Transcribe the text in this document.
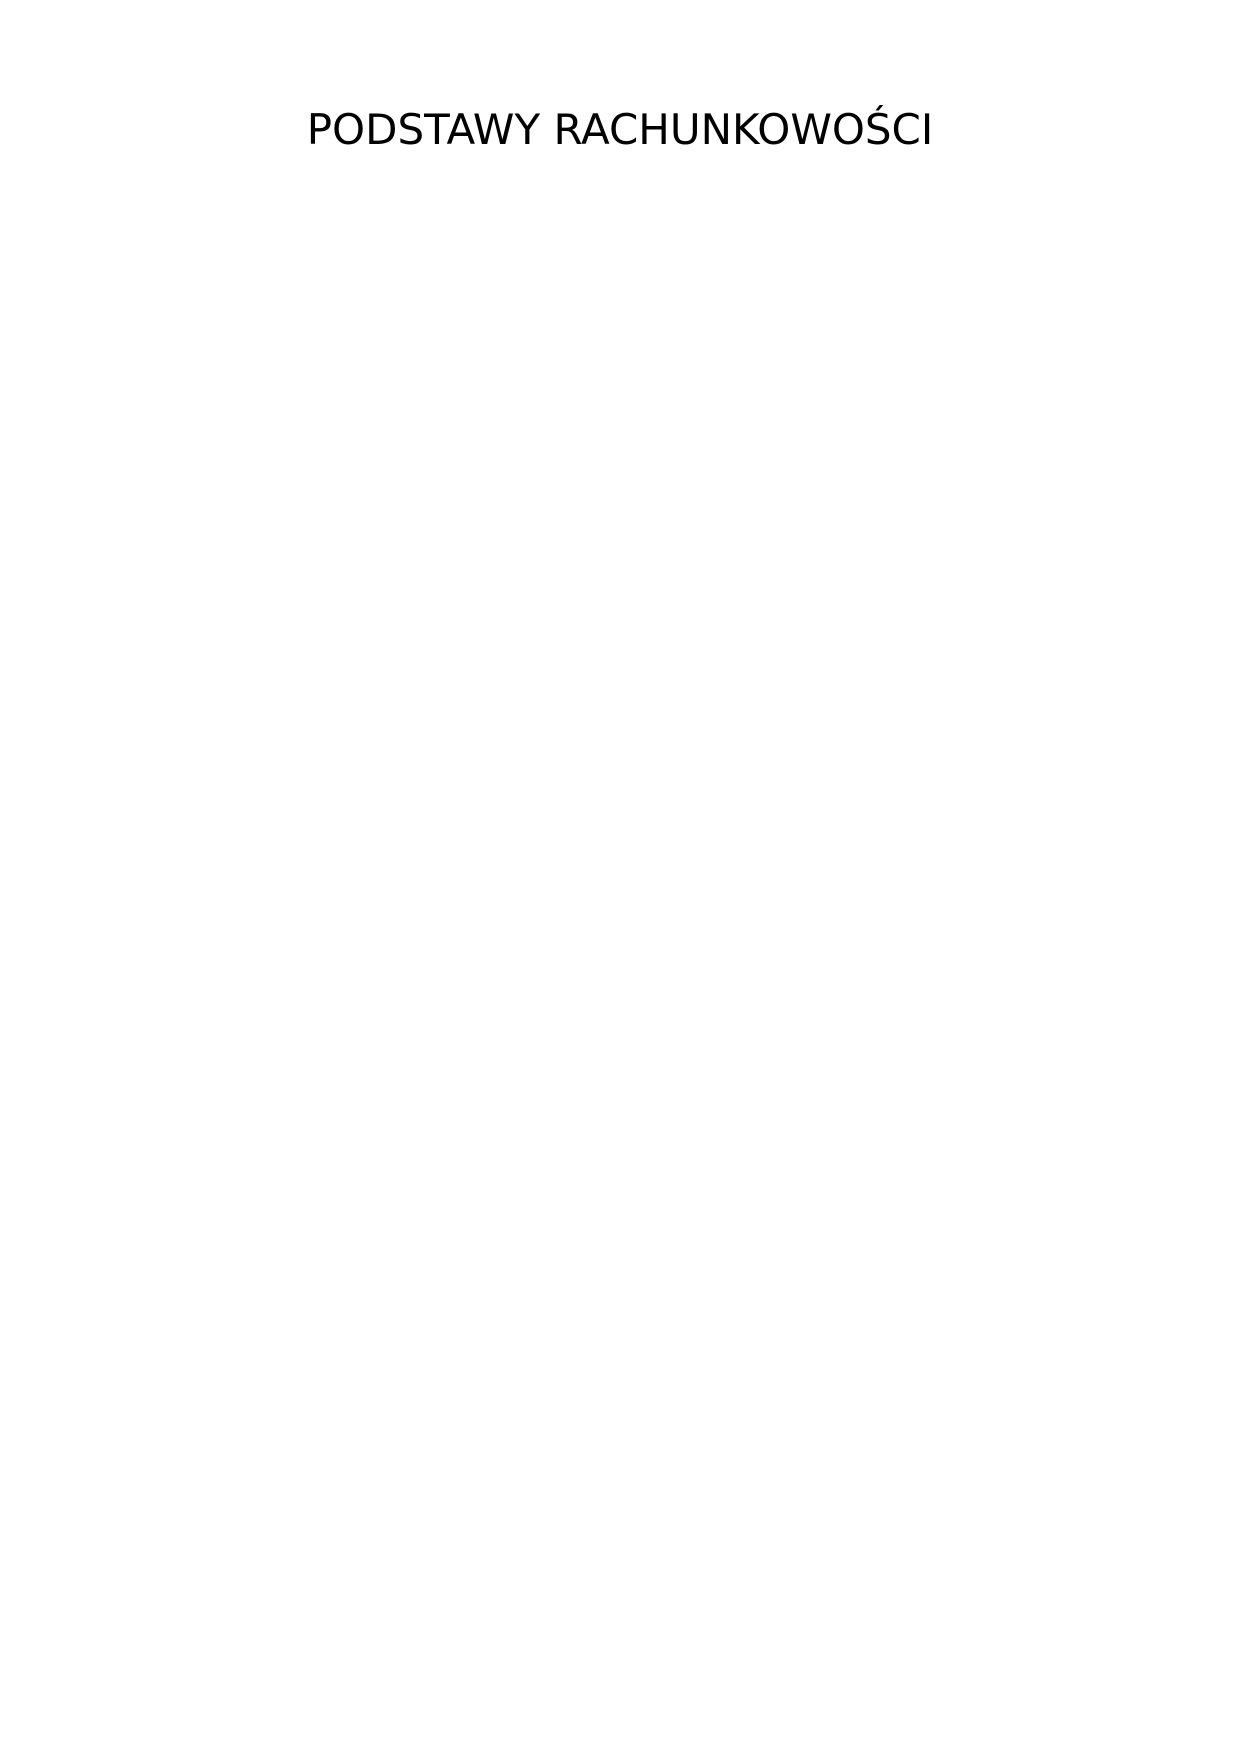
PODSTAWY RACHUNKOWOŚCI
